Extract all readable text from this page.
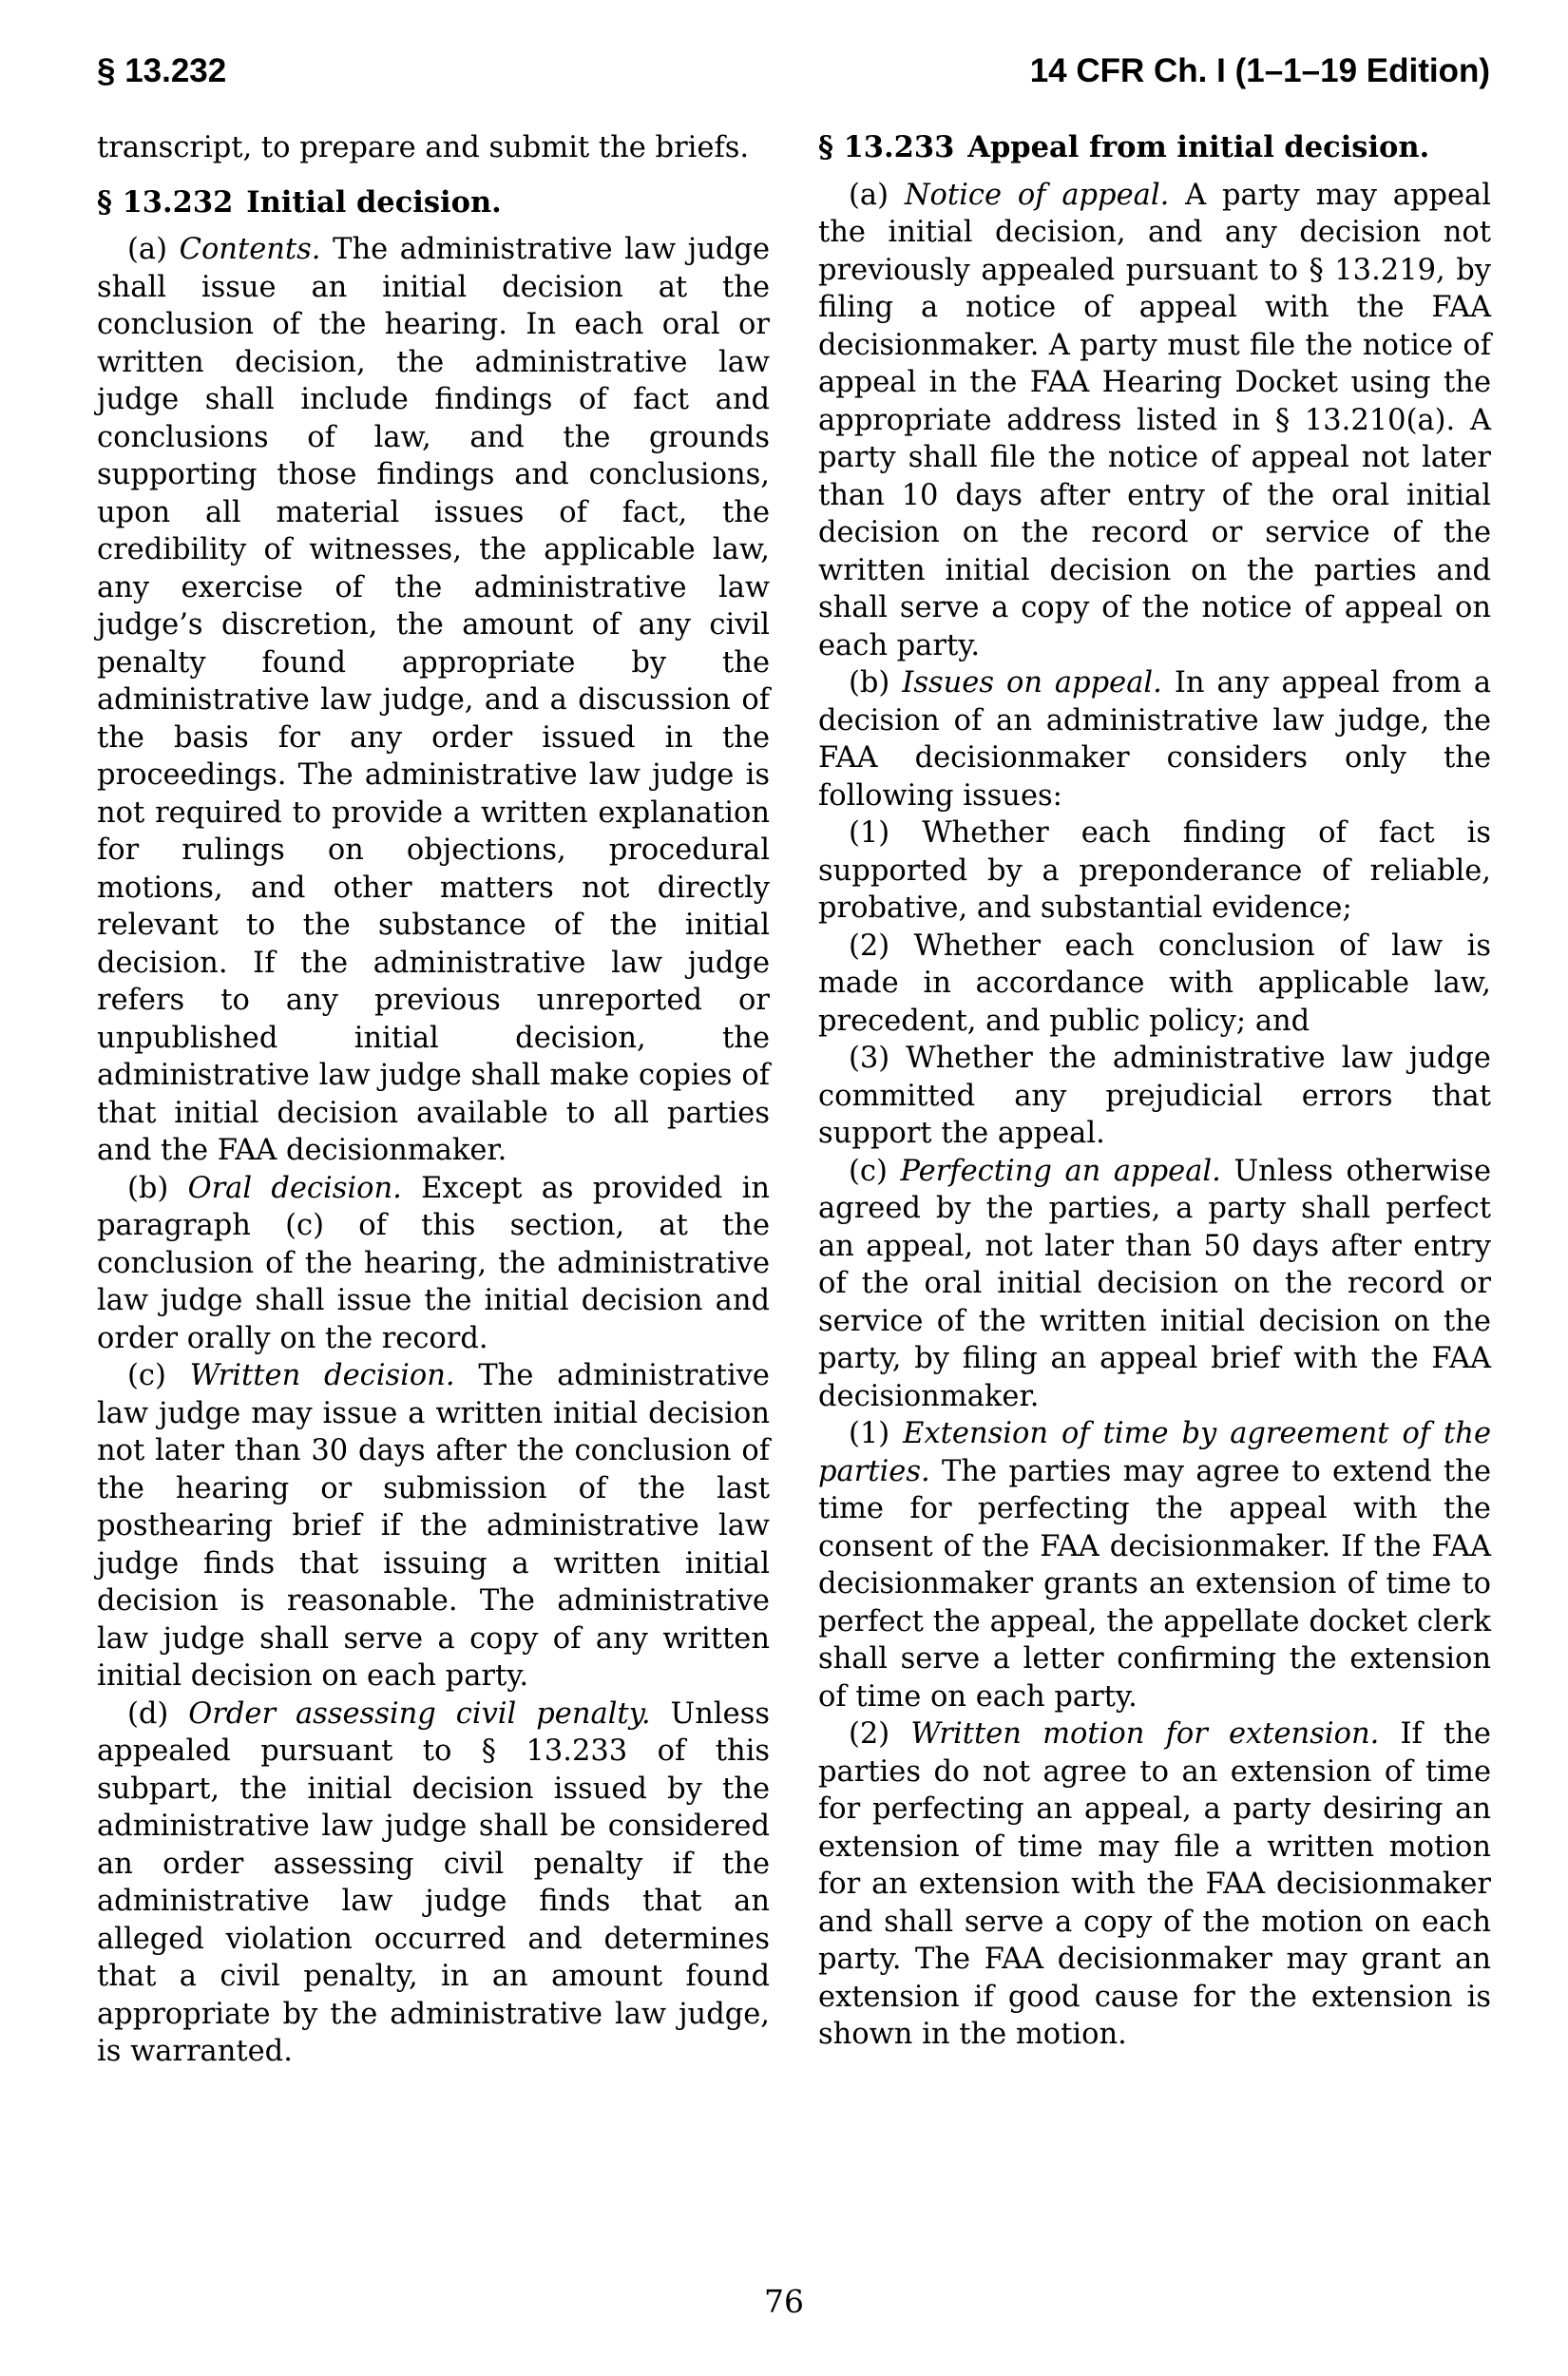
§ 13.232	14 CFR Ch. I (1–1–19 Edition)

transcript, to prepare and submit the briefs.

§ 13.232 Initial decision.

(a) Contents. The administrative law judge shall issue an initial decision at the conclusion of the hearing. In each oral or written decision, the administrative law judge shall include findings of fact and conclusions of law, and the grounds supporting those findings and conclusions, upon all material issues of fact, the credibility of witnesses, the applicable law, any exercise of the administrative law judge’s discretion, the amount of any civil penalty found appropriate by the administrative law judge, and a discussion of the basis for any order issued in the proceedings. The administrative law judge is not required to provide a written explanation for rulings on objections, procedural motions, and other matters not directly relevant to the substance of the initial decision. If the administrative law judge refers to any previous unreported or unpublished initial decision, the administrative law judge shall make copies of that initial decision available to all parties and the FAA decisionmaker.

(b) Oral decision. Except as provided in paragraph (c) of this section, at the conclusion of the hearing, the administrative law judge shall issue the initial decision and order orally on the record.

(c) Written decision. The administrative law judge may issue a written initial decision not later than 30 days after the conclusion of the hearing or submission of the last posthearing brief if the administrative law judge finds that issuing a written initial decision is reasonable. The administrative law judge shall serve a copy of any written initial decision on each party.

(d) Order assessing civil penalty. Unless appealed pursuant to § 13.233 of this subpart, the initial decision issued by the administrative law judge shall be considered an order assessing civil penalty if the administrative law judge finds that an alleged violation occurred and determines that a civil penalty, in an amount found appropriate by the administrative law judge, is warranted.

§ 13.233 Appeal from initial decision.

(a) Notice of appeal. A party may appeal the initial decision, and any decision not previously appealed pursuant to § 13.219, by filing a notice of appeal with the FAA decisionmaker. A party must file the notice of appeal in the FAA Hearing Docket using the appropriate address listed in § 13.210(a). A party shall file the notice of appeal not later than 10 days after entry of the oral initial decision on the record or service of the written initial decision on the parties and shall serve a copy of the notice of appeal on each party.

(b) Issues on appeal. In any appeal from a decision of an administrative law judge, the FAA decisionmaker considers only the following issues:

(1) Whether each finding of fact is supported by a preponderance of reliable, probative, and substantial evidence;

(2) Whether each conclusion of law is made in accordance with applicable law, precedent, and public policy; and

(3) Whether the administrative law judge committed any prejudicial errors that support the appeal.

(c) Perfecting an appeal. Unless otherwise agreed by the parties, a party shall perfect an appeal, not later than 50 days after entry of the oral initial decision on the record or service of the written initial decision on the party, by filing an appeal brief with the FAA decisionmaker.

(1) Extension of time by agreement of the parties. The parties may agree to extend the time for perfecting the appeal with the consent of the FAA decisionmaker. If the FAA decisionmaker grants an extension of time to perfect the appeal, the appellate docket clerk shall serve a letter confirming the extension of time on each party.

(2) Written motion for extension. If the parties do not agree to an extension of time for perfecting an appeal, a party desiring an extension of time may file a written motion for an extension with the FAA decisionmaker and shall serve a copy of the motion on each party. The FAA decisionmaker may grant an extension if good cause for the extension is shown in the motion.

76
